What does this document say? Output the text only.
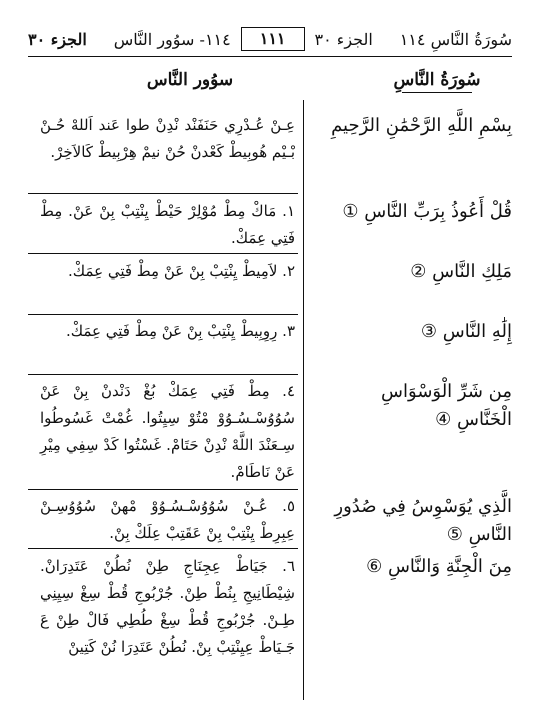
سُورَةُ النَّاسِ ١١٤
الجزء ٣٠
١١١
١١٤- سوُور النَّاس
الجزء ٣٠
سُورَةُ النَّاسِ
سوُور النَّاس
بِسْمِ اللَّهِ الرَّحْمَٰنِ الرَّحِيمِ
عِـنْ عُـدْرِي حَنَفَنْد نْدِنْ طوا عَند اَللهْ حُـنْ بْـيْم هُوبِيطْ كَعْدنْ حُنْ نيمْ هِرْبِيطْ كَالاَخِرْ.
قُلْ أَعُوذُ بِرَبِّ النَّاسِ ①
١. مَاكْ مِطْ مُوْلِرْ حَيْطْ يِنْتِبْ بِنْ عَنْ. مِطْ فَتِي عِمَكْ.
مَلِكِ النَّاسِ ②
٢. لاَمِيطْ يِنْتِبْ بِنْ عَنْ مِطْ فَتِي عِمَكْ.
إِلَٰهِ النَّاسِ ③
٣. رِوِبِيطْ يِنْتِبْ بِنْ عَنْ مِطْ فَتِي عِمَكْ.
مِن شَرِّ الْوَسْوَاسِ الْخَنَّاسِ ④
٤. مِطْ فَتِي عِمَكْ بُغْ دَنْدنْ بِنْ عَنْ سُوُوُسْـسُـوُوْ مْتُوْ سِيِتُوا. غُمْتْ غَسُوطُوا سِـعَنْدَ اللَّهْ نْدِنْ حَتَامْ. غَسْتُوا كَدْ سِفِي مِيْرِ عَنْ نَاطَامْ.
الَّذِي يُوَسْوِسُ فِي صُدُورِ النَّاسِ ⑤
٥. عُـنْ سُوُوُسْـسُـوُوْ مْهنْ سُوُوُسِـنْ عِبِرِطْ يِنْتِبْ بِنْ عَقَتِبْ عِلَكْ بِنْ.
مِنَ الْجِنَّةِ وَالنَّاسِ ⑥
٦. جَيَاطْ عِجِنَاجِ طِنْ نُطُنْ عَتَدِرَانْ. شِيْطَانِيجِ بِنُطْ طِنْ. جُرْبُوجِ قُطْ سِغْ سِيِنِي طِـنْ. جُرْبُوجِ قُطْ سِغْ طُطِي فَالْ طِنْ عَ جَـيَاطْ عِيِنْتِبْ بِنْ. نُطُنْ عَتَدِرَا نُنْ كَتِينْ
